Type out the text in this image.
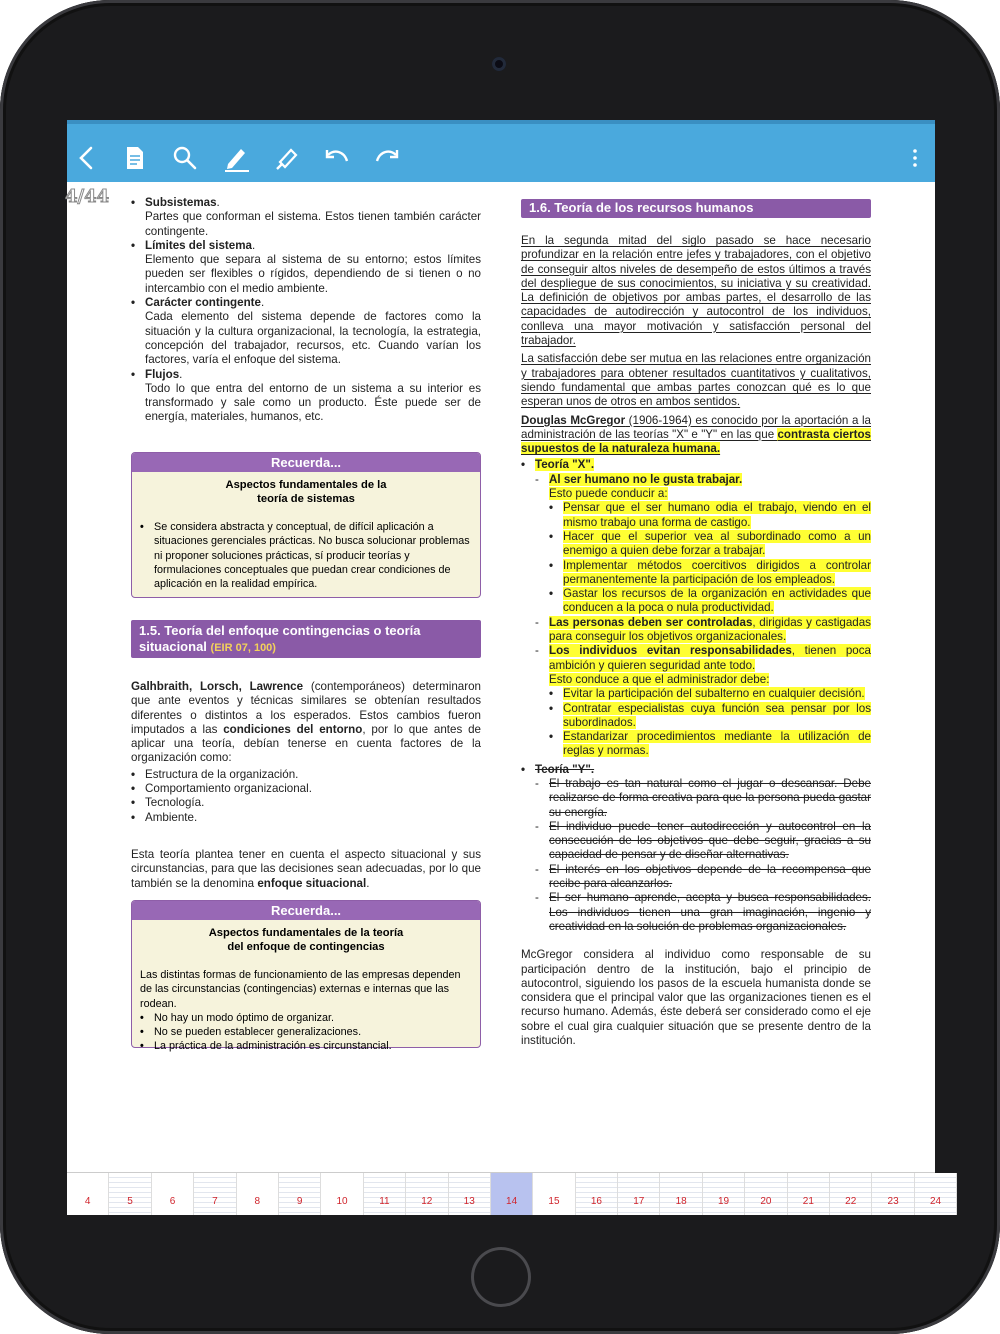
4/44
•	Subsistemas.
Partes que conforman el sistema. Estos tienen también carácter contingente.
• Límites del sistema.
Elemento que separa al sistema de su entorno; estos límites pueden ser flexibles o rígidos, dependiendo de si tienen o no intercambio con el medio ambiente.
• Carácter contingente.
Cada elemento del sistema depende de factores como la situación y la cultura organizacional, la tecnología, la estrategia, concepción del trabajador, recursos, etc. Cuando varían los factores, varía el enfoque del sistema.
• Flujos.
Todo lo que entra del entorno de un sistema a su interior es transformado y sale como un producto. Éste puede ser de energía, materiales, humanos, etc.
Recuerda...
Aspectos fundamentales de la teoría de sistemas
• Se considera abstracta y conceptual, de difícil aplicación a situaciones gerenciales prácticas. No busca solucionar problemas ni proponer soluciones prácticas, sí producir teorías y formulaciones conceptuales que puedan crear condiciones de aplicación en la realidad empírica.
1.5. Teoría del enfoque contingencias o teoría situacional (EIR 07, 100)
Galhbraith, Lorsch, Lawrence (contemporáneos) determinaron que ante eventos y técnicas similares se obtenían resultados diferentes o distintos a los esperados. Estos cambios fueron imputados a las condiciones del entorno, por lo que antes de aplicar una teoría, debían tenerse en cuenta factores de la organización como:
• Estructura de la organización.
• Comportamiento organizacional.
• Tecnología.
• Ambiente.
Esta teoría plantea tener en cuenta el aspecto situacional y sus circunstancias, para que las decisiones sean adecuadas, por lo que también se la denomina enfoque situacional.
Recuerda...
Aspectos fundamentales de la teoría del enfoque de contingencias
Las distintas formas de funcionamiento de las empresas dependen de las circunstancias (contingencias) externas e internas que las rodean.
• No hay un modo óptimo de organizar.
• No se pueden establecer generalizaciones.
• La práctica de la administración es circunstancial.
1.6. Teoría de los recursos humanos

En la segunda mitad del siglo pasado se hace necesario profundizar en la relación entre jefes y trabajadores, con el objetivo de conseguir altos niveles de desempeño de estos últimos a través del despliegue de sus conocimientos, su iniciativa y su creatividad. La definición de objetivos por ambas partes, el desarrollo de las capacidades de autodirección y autocontrol de los individuos, conlleva una mayor motivación y satisfacción personal del trabajador.

La satisfacción debe ser mutua en las relaciones entre organización y trabajadores para obtener resultados cuantitativos y cualitativos, siendo fundamental que ambas partes conozcan qué es lo que esperan unos de otros en ambos sentidos.

Douglas McGregor (1906-1964) es conocido por la aportación a la administración de las teorías "X" e "Y" en las que contrasta ciertos supuestos de la naturaleza humana.

• Teoría "X".
- Al ser humano no le gusta trabajar.
Esto puede conducir a:
• Pensar que el ser humano odia el trabajo, viendo en el mismo trabajo una forma de castigo.
• Hacer que el superior vea al subordinado como a un enemigo a quien debe forzar a trabajar.
• Implementar métodos coercitivos dirigidos a controlar permanentemente la participación de los empleados.
• Gastar los recursos de la organización en actividades que conducen a la poca o nula productividad.
- Las personas deben ser controladas, dirigidas y castigadas para conseguir los objetivos organizacionales.
- Los individuos evitan responsabilidades, tienen poca ambición y quieren seguridad ante todo.
Esto conduce a que el administrador debe:
• Evitar la participación del subalterno en cualquier decisión.
• Contratar especialistas cuya función sea pensar por los subordinados.
• Estandarizar procedimientos mediante la utilización de reglas y normas.
• Teoría "Y".
- El trabajo es tan natural como el jugar o descansar. Debe realizarse de forma creativa para que la persona pueda gastar su energía.
- El individuo puede tener autodirección y autocontrol en la consecución de los objetivos que debe seguir, gracias a su capacidad de pensar y de diseñar alternativas.
- El interés en los objetivos depende de la recompensa que recibe para alcanzarlos.
- El ser humano aprende, acepta y busca responsabilidades. Los individuos tienen una gran imaginación, ingenio y creatividad en la solución de problemas organizacionales.

McGregor considera al individuo como responsable de su participación dentro de la institución, bajo el principio de autocontrol, siguiendo los pasos de la escuela humanista donde se considera que el principal valor que las organizaciones tienen es el recurso humano. Además, éste deberá ser considerado como el eje sobre el cual gira cualquier situación que se presente dentro de la institución.

4	5	6	7	8	9	10	11	12	13	14	15	16	17	18	19	20	21	22	23	24
